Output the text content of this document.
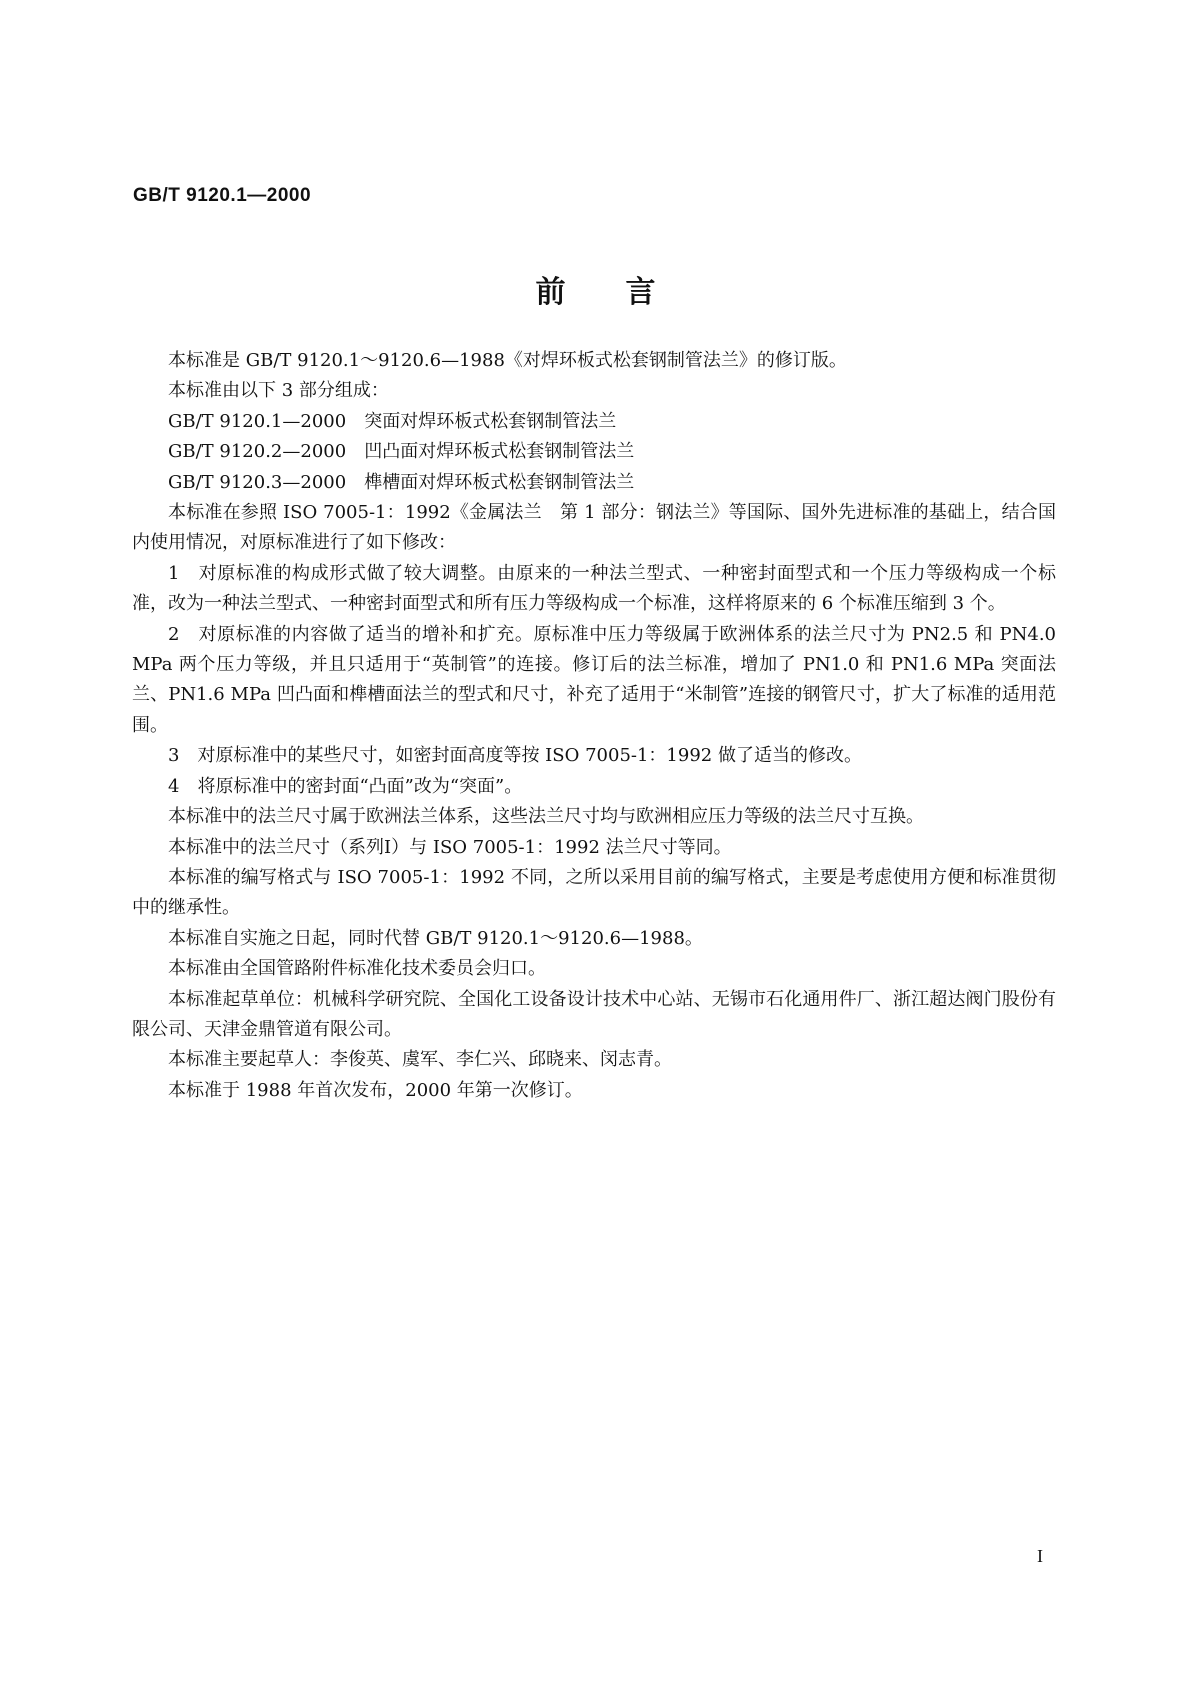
GB/T 9120.1—2000
前言

本标准是 GB/T 9120.1～9120.6—1988《对焊环板式松套钢制管法兰》的修订版。

本标准由以下 3 部分组成：

GB/T 9120.1—2000　突面对焊环板式松套钢制管法兰

GB/T 9120.2—2000　凹凸面对焊环板式松套钢制管法兰

GB/T 9120.3—2000　榫槽面对焊环板式松套钢制管法兰

本标准在参照 ISO 7005-1：1992《金属法兰　第 1 部分：钢法兰》等国际、国外先进标准的基础上，结合国内使用情况，对原标准进行了如下修改：

1　对原标准的构成形式做了较大调整。由原来的一种法兰型式、一种密封面型式和一个压力等级构成一个标准，改为一种法兰型式、一种密封面型式和所有压力等级构成一个标准，这样将原来的 6 个标准压缩到 3 个。

2　对原标准的内容做了适当的增补和扩充。原标准中压力等级属于欧洲体系的法兰尺寸为 PN2.5 和 PN4.0 MPa 两个压力等级，并且只适用于“英制管”的连接。修订后的法兰标准，增加了 PN1.0 和 PN1.6 MPa 突面法兰、PN1.6 MPa 凹凸面和榫槽面法兰的型式和尺寸，补充了适用于“米制管”连接的钢管尺寸，扩大了标准的适用范围。

3　对原标准中的某些尺寸，如密封面高度等按 ISO 7005-1：1992 做了适当的修改。

4　将原标准中的密封面“凸面”改为“突面”。

本标准中的法兰尺寸属于欧洲法兰体系，这些法兰尺寸均与欧洲相应压力等级的法兰尺寸互换。

本标准中的法兰尺寸（系列Ⅰ）与 ISO 7005-1：1992 法兰尺寸等同。

本标准的编写格式与 ISO 7005-1：1992 不同，之所以采用目前的编写格式，主要是考虑使用方便和标准贯彻中的继承性。

本标准自实施之日起，同时代替 GB/T 9120.1～9120.6—1988。

本标准由全国管路附件标准化技术委员会归口。

本标准起草单位：机械科学研究院、全国化工设备设计技术中心站、无锡市石化通用件厂、浙江超达阀门股份有限公司、天津金鼎管道有限公司。

本标准主要起草人：李俊英、虞军、李仁兴、邱晓来、闵志青。

本标准于 1988 年首次发布，2000 年第一次修订。

I
